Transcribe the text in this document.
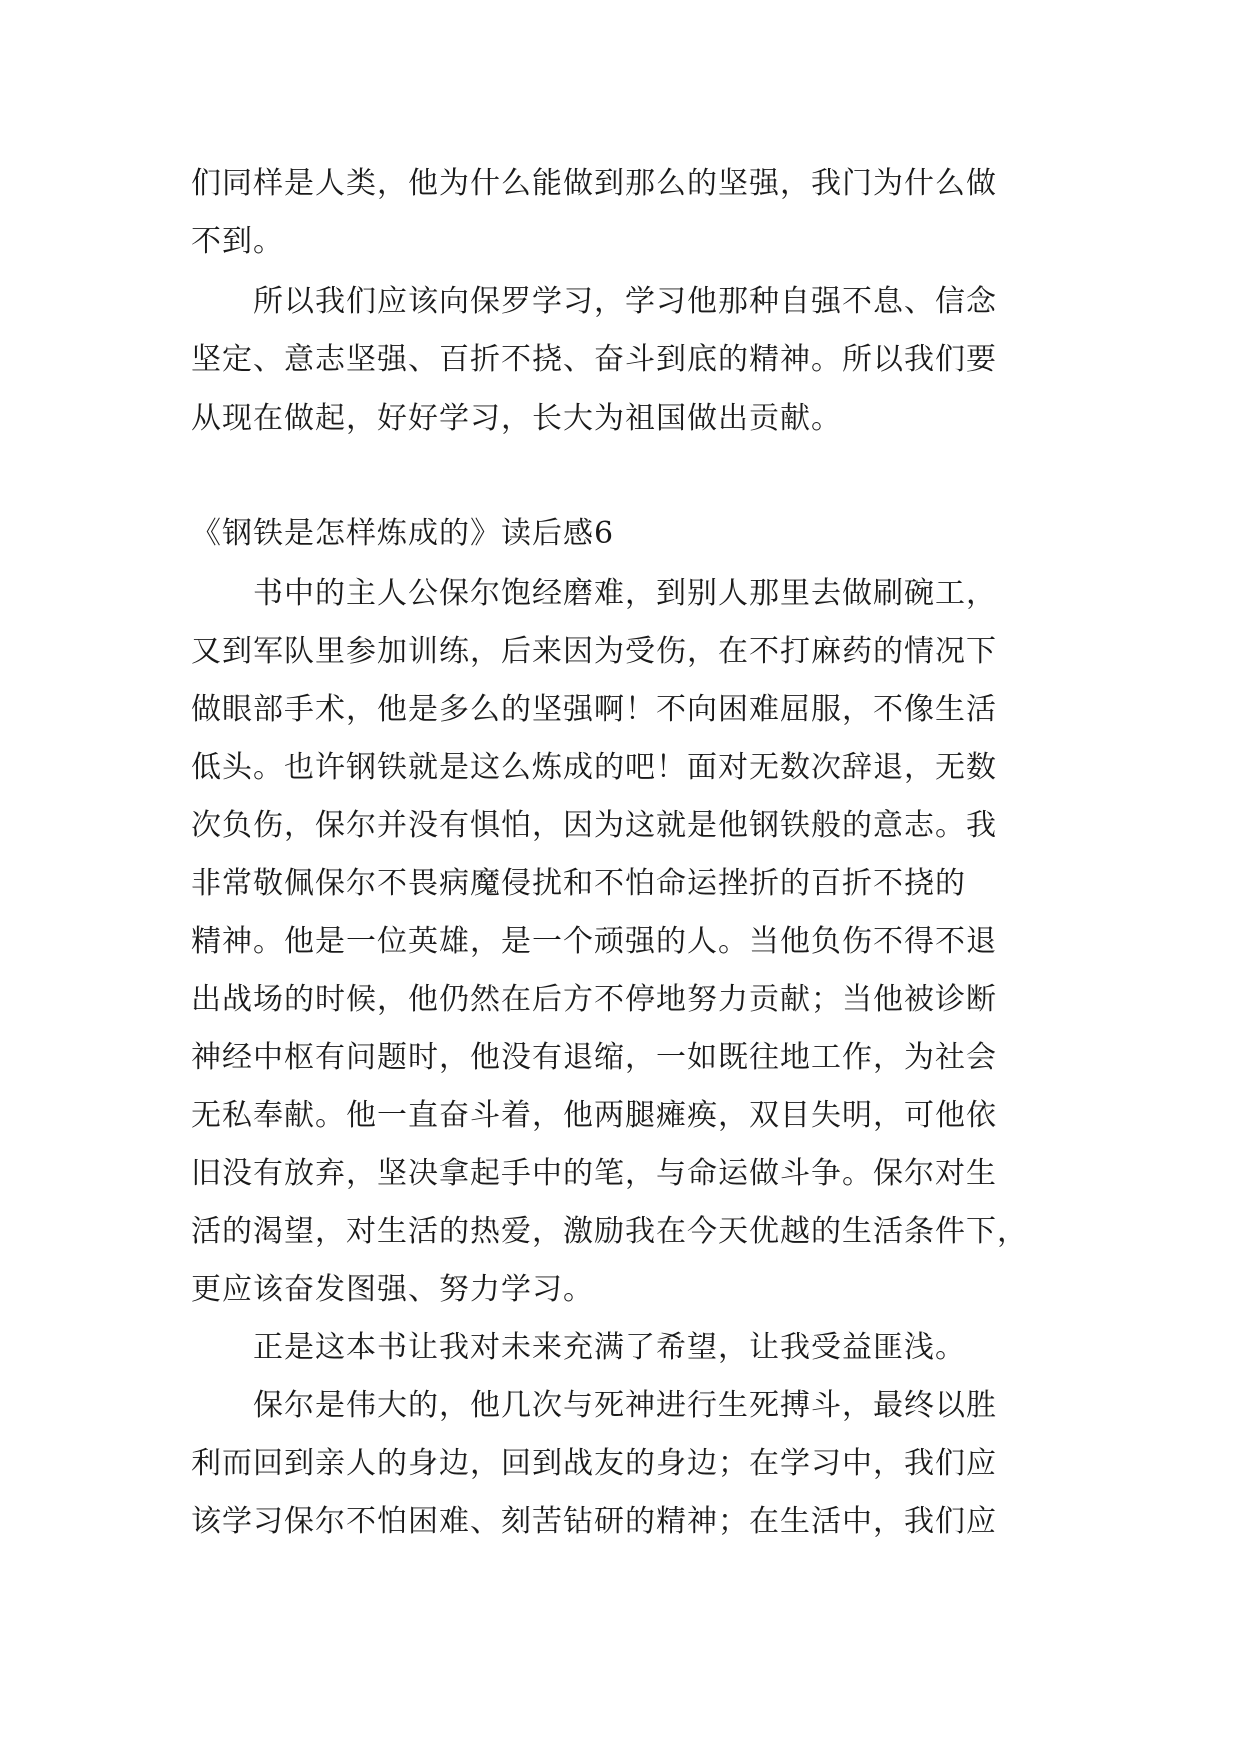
们同样是人类，他为什么能做到那么的坚强，我门为什么做
不到。
所以我们应该向保罗学习，学习他那种自强不息、信念
坚定、意志坚强、百折不挠、奋斗到底的精神。所以我们要
从现在做起，好好学习，长大为祖国做出贡献。
《钢铁是怎样炼成的》读后感6
书中的主人公保尔饱经磨难，到别人那里去做刷碗工，
又到军队里参加训练，后来因为受伤，在不打麻药的情况下
做眼部手术，他是多么的坚强啊！不向困难屈服，不像生活
低头。也许钢铁就是这么炼成的吧！面对无数次辞退，无数
次负伤，保尔并没有惧怕，因为这就是他钢铁般的意志。我
非常敬佩保尔不畏病魔侵扰和不怕命运挫折的百折不挠的
精神。他是一位英雄，是一个顽强的人。当他负伤不得不退
出战场的时候，他仍然在后方不停地努力贡献；当他被诊断
神经中枢有问题时，他没有退缩，一如既往地工作，为社会
无私奉献。他一直奋斗着，他两腿瘫痪，双目失明，可他依
旧没有放弃，坚决拿起手中的笔，与命运做斗争。保尔对生
活的渴望，对生活的热爱，激励我在今天优越的生活条件下，
更应该奋发图强、努力学习。
正是这本书让我对未来充满了希望，让我受益匪浅。
保尔是伟大的，他几次与死神进行生死搏斗，最终以胜
利而回到亲人的身边，回到战友的身边；在学习中，我们应
该学习保尔不怕困难、刻苦钻研的精神；在生活中，我们应
